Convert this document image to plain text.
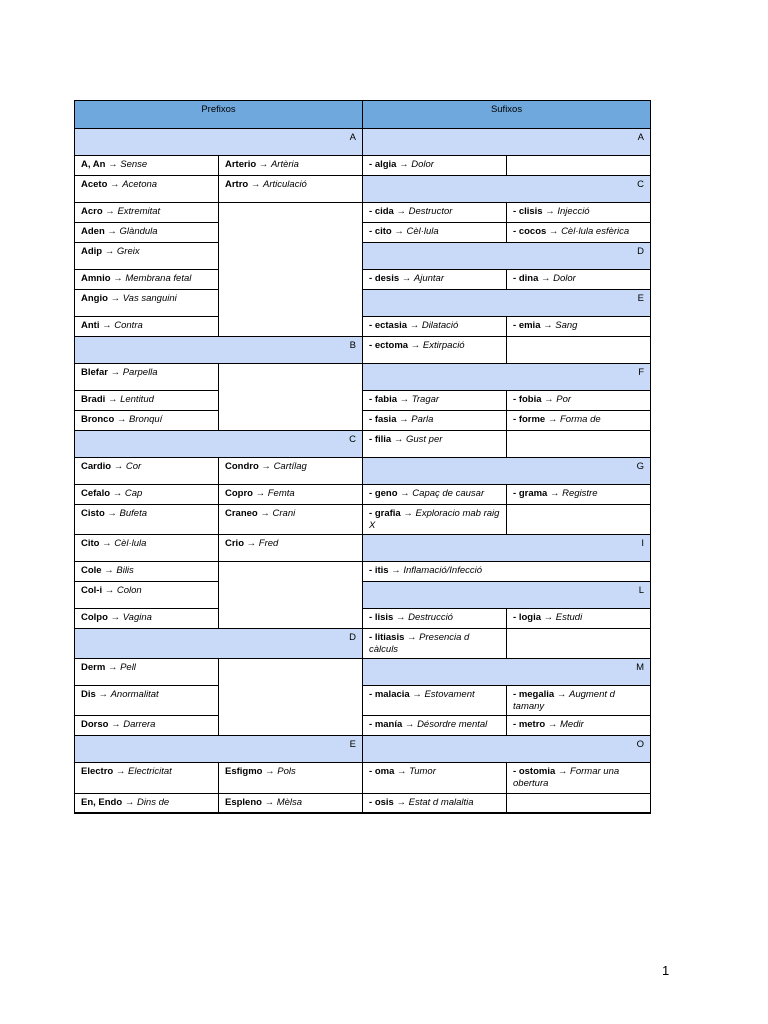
Prefixos		Sufixos	
A		A	
A, An → Sense	Arterio → Artèria	- algia → Dolor	
Aceto → Acetona	Artro → Articulació	C	
Acro → Extremitat		- cida → Destructor	- clisis → Injecció
Aden → Glàndula		- cito → Cèl·lula	- cocos → Cèl·lula esfèrica
Adip → Greix		D	
Amnio → Membrana fetal		- desis → Ajuntar	- dina → Dolor
Angio → Vas sanguini		E	
Anti → Contra		- ectasia → Dilatació	- emia → Sang
B		- ectoma → Extirpació	
Blefar → Parpella		F	
Bradi → Lentitud		- fabia → Tragar	- fobia → Por
Bronco → Bronquí		- fasia → Parla	- forme → Forma de
C		- filia → Gust per	
Cardio → Cor	Condro → Cartílag	G	
Cefalo → Cap	Copro → Femta	- geno → Capaç de causar	- grama → Registre
Cisto → Bufeta	Craneo → Crani	- grafia → Exploracio mab raig X	
Cito → Cèl·lula	Crio → Fred	I	
Cole → Bilis		- itis → Inflamació/Infecció	
Col-i → Colon		L	
Colpo → Vagina		- lisis → Destrucció	- logia → Estudi
D		- litiasis → Presencia d càlculs	
Derm → Pell		M	
Dis → Anormalitat		- malacia → Estovament	- megalia → Augment d tamany
Dorso → Darrera		- manía → Désordre mental	- metro → Medir
E		O	
Electro → Electricitat	Esfigmo → Pols	- oma → Tumor	- ostomia → Formar una obertura
En, Endo → Dins de	Espleno → Mèlsa	- osis → Estat d malaltia	
1
